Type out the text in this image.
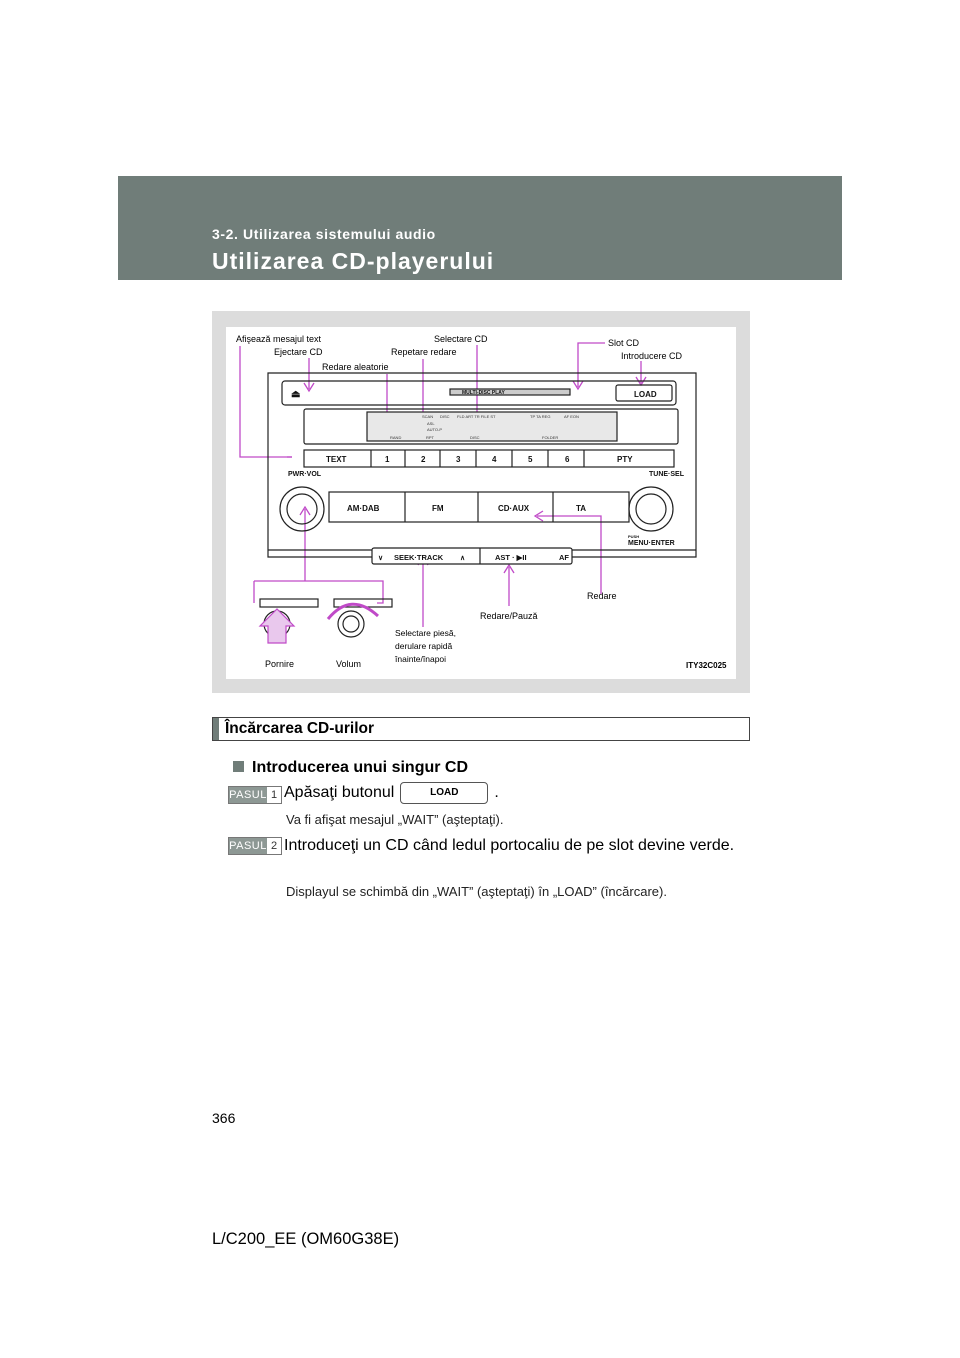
3-2. Utilizarea sistemului audio
Utilizarea CD-playerului
Afişează mesajul text
Ejectare CD
Redare aleatorie
Selectare CD
Repetare redare
Slot CD
Introducere CD
⏏	MULTI-DISC PLAY	LOAD
TEXT	1	2	3	4	5	6	PTY
PWR·VOL	TUNE·SEL
AM·DAB	FM	CD·AUX	TA
PUSH
MENU·ENTER
∨ SEEK·TRACK ∧	AST · ▶II	AF
SCAN DISC FLD ART TR FILE ST	TP TA REG	AF EON
ASL
AUTO-P
RAND	RPT	DISC	FOLDER
Redare
Redare/Pauză
Selectare piesă,
derulare rapidă
înainte/înapoi
Pornire	Volum	ITY32C025
Încărcarea CD-urilor
Introducerea unui singur CD
PASUL 1 Apăsaţi butonul	LOAD .
Va fi afişat mesajul „WAIT” (aşteptaţi).
PASUL 2 Introduceţi un CD când ledul portocaliu de pe slot devine verde.
Displayul se schimbă din „WAIT” (aşteptaţi) în „LOAD” (încărcare).
366
L/C200_EE (OM60G38E)
